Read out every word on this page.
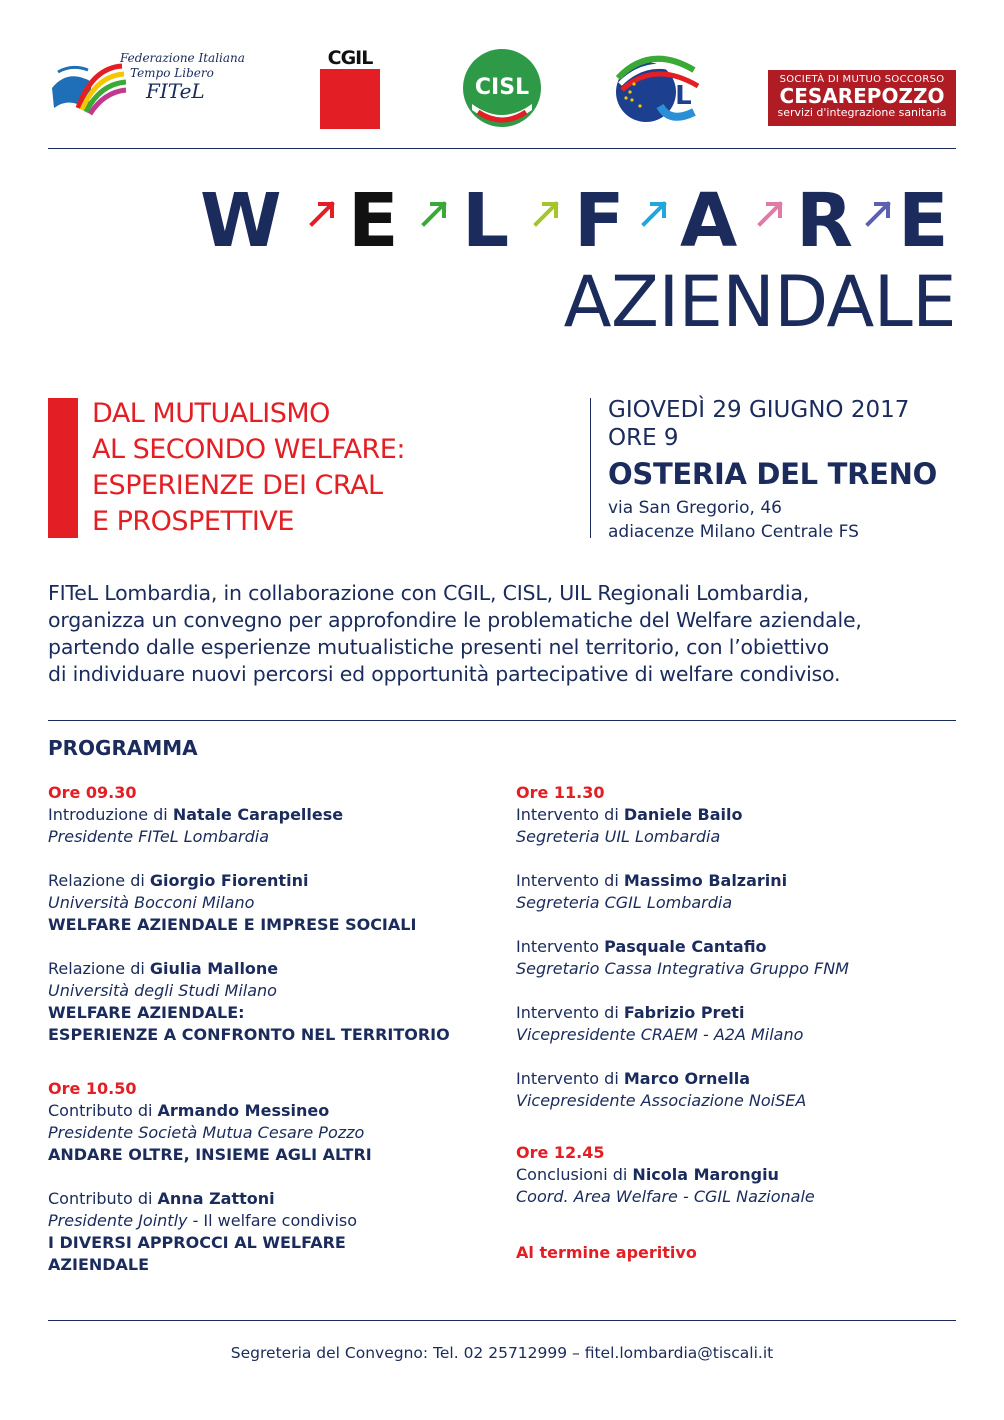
Federazione Italiana
Tempo Libero
FITeL
CGIL
CISL	UIL
SOCIETÀ DI MUTUO SOCCORSO
CESAREPOZZO
servizi d'integrazione sanitaria
W E L F A R E
AZIENDALE
DAL MUTUALISMO
AL SECONDO WELFARE:
ESPERIENZE DEI CRAL
E PROSPETTIVE
GIOVEDÌ 29 GIUGNO 2017
ORE 9
OSTERIA DEL TRENO
via San Gregorio, 46
adiacenze Milano Centrale FS
FITeL Lombardia, in collaborazione con CGIL, CISL, UIL Regionali Lombardia,
organizza un convegno per approfondire le problematiche del Welfare aziendale,
partendo dalle esperienze mutualistiche presenti nel territorio, con l’obiettivo
di individuare nuovi percorsi ed opportunità partecipative di welfare condiviso.
PROGRAMMA
Ore 09.30
Introduzione di Natale Carapellese
Presidente FITeL Lombardia
Relazione di Giorgio Fiorentini
Università Bocconi Milano
WELFARE AZIENDALE E IMPRESE SOCIALI
Relazione di Giulia Mallone
Università degli Studi Milano
WELFARE AZIENDALE:
ESPERIENZE A CONFRONTO NEL TERRITORIO
Ore 10.50
Contributo di Armando Messineo
Presidente Società Mutua Cesare Pozzo
ANDARE OLTRE, INSIEME AGLI ALTRI
Contributo di Anna Zattoni
Presidente Jointly - Il welfare condiviso
I DIVERSI APPROCCI AL WELFARE
AZIENDALE
Ore 11.30
Intervento di Daniele Bailo
Segreteria UIL Lombardia
Intervento di Massimo Balzarini
Segreteria CGIL Lombardia
Intervento Pasquale Cantafio
Segretario Cassa Integrativa Gruppo FNM
Intervento di Fabrizio Preti
Vicepresidente CRAEM - A2A Milano
Intervento di Marco Ornella
Vicepresidente Associazione NoiSEA
Ore 12.45
Conclusioni di Nicola Marongiu
Coord. Area Welfare - CGIL Nazionale
Al termine aperitivo
Segreteria del Convegno: Tel. 02 25712999 – fitel.lombardia@tiscali.it
